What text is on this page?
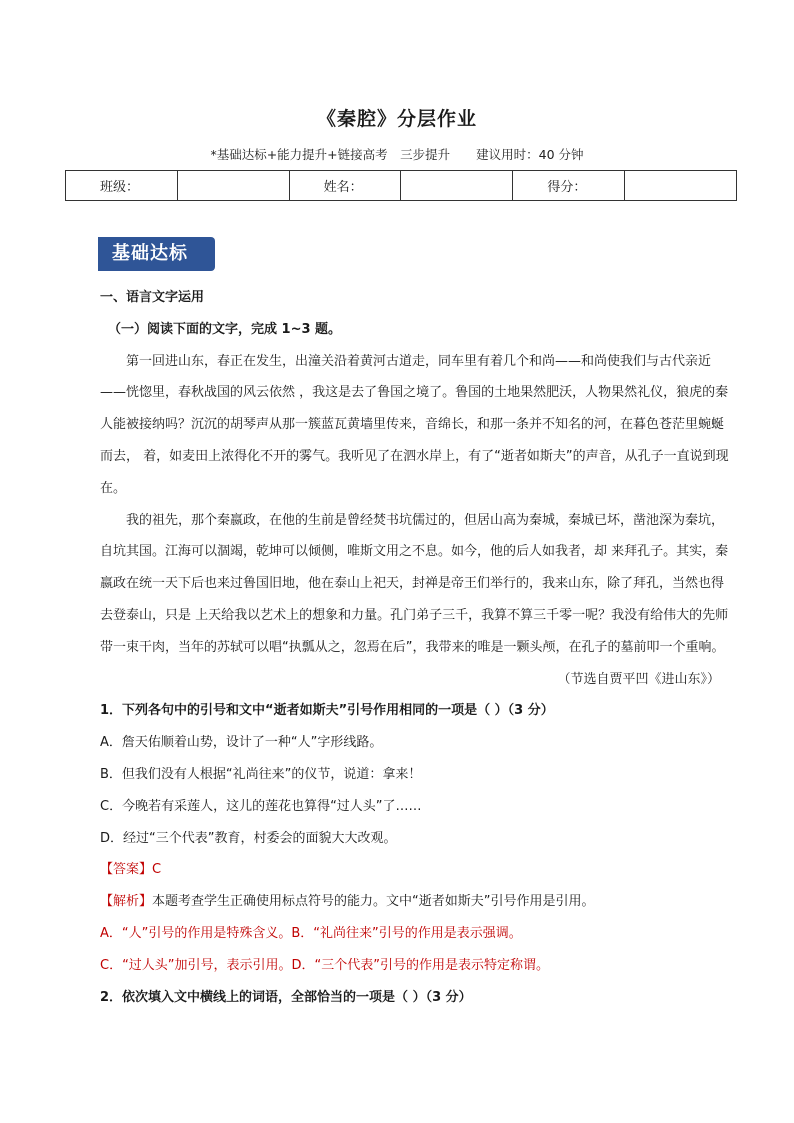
《秦腔》分层作业
*基础达标+能力提升+链接高考　三步提升 建议用时：40 分钟
班级：		姓名：		得分：	
基础达标

一、语言文字运用

（一）阅读下面的文字，完成 1~3 题。

第一回进山东，春正在发生，出潼关沿着黄河古道走，同车里有着几个和尚——和尚使我们与古代亲近——恍惚里，春秋战国的风云依然 ，我这是去了鲁国之境了。鲁国的土地果然肥沃，人物果然礼仪，狼虎的秦人能被接纳吗？沉沉的胡琴声从那一簇蓝瓦黄墙里传来，音绵长，和那一条并不知名的河，在暮色苍茫里蜿蜒而去， 着，如麦田上浓得化不开的雾气。我听见了在泗水岸上，有了“逝者如斯夫”的声音，从孔子一直说到现在。

我的祖先，那个秦嬴政，在他的生前是曾经焚书坑儒过的，但居山高为秦城，秦城已坏，凿池深为秦坑，自坑其国。江海可以涸竭，乾坤可以倾侧，唯斯文用之不息。如今，他的后人如我者，却 来拜孔子。其实，秦嬴政在统一天下后也来过鲁国旧地，他在泰山上祀天，封禅是帝王们举行的，我来山东，除了拜孔，当然也得去登泰山，只是 上天给我以艺术上的想象和力量。孔门弟子三千，我算不算三千零一呢？我没有给伟大的先师带一束干肉，当年的苏轼可以唱“执瓢从之，忽焉在后”，我带来的唯是一颗头颅，在孔子的墓前叩一个重响。

（节选自贾平凹《进山东》）

1．下列各句中的引号和文中“逝者如斯夫”引号作用相同的一项是（ ）（3 分）

A．詹天佑顺着山势，设计了一种“人”字形线路。

B．但我们没有人根据“礼尚往来”的仪节，说道：拿来！

C．今晚若有采莲人，这儿的莲花也算得“过人头”了……

D．经过“三个代表”教育，村委会的面貌大大改观。

【答案】C

【解析】本题考查学生正确使用标点符号的能力。文中“逝者如斯夫”引号作用是引用。

A．“人”引号的作用是特殊含义。B．“礼尚往来”引号的作用是表示强调。

C．“过人头”加引号，表示引用。D．“三个代表”引号的作用是表示特定称谓。

2．依次填入文中横线上的词语，全部恰当的一项是（ ）（3 分）
